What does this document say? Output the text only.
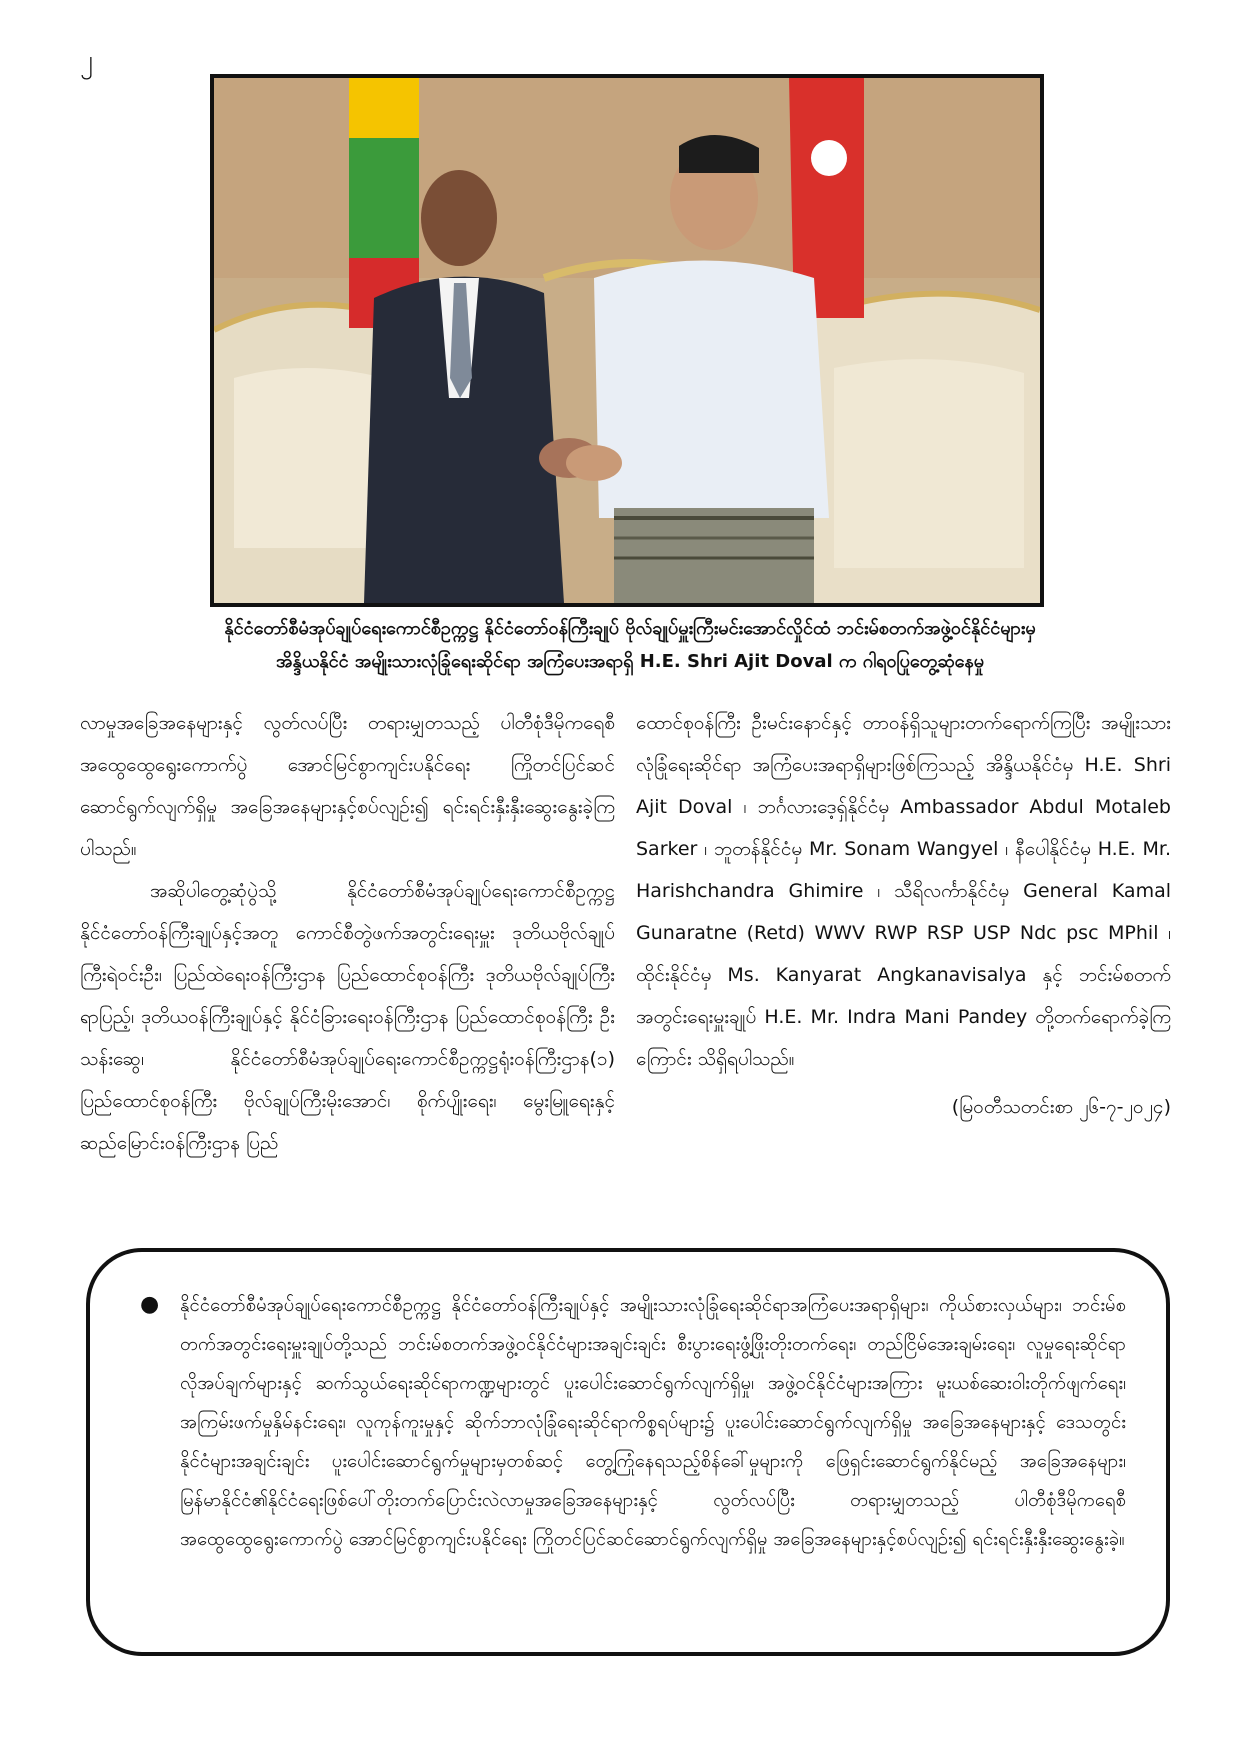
၂
နိုင်ငံတော်စီမံအုပ်ချုပ်ရေးကောင်စီဥက္ကဋ္ဌ နိုင်ငံတော်ဝန်ကြီးချုပ် ဗိုလ်ချုပ်မှူးကြီးမင်းအောင်လှိုင်ထံ ဘင်းမ်စတက်အဖွဲ့ဝင်နိုင်ငံများမှ
အိန္ဒိယနိုင်ငံ အမျိုးသားလုံခြုံရေးဆိုင်ရာ အကြံပေးအရာရှိ H.E. Shri Ajit Doval က ဂါရဝပြုတွေ့ဆုံနေမှု

လာမှုအခြေအနေများနှင့် လွတ်လပ်ပြီး တရားမျှတသည့် ပါတီစုံဒီမိုကရေစီအထွေထွေရွေးကောက်ပွဲ အောင်မြင်စွာကျင်းပနိုင်ရေး ကြိုတင်ပြင်ဆင်ဆောင်ရွက်လျက်ရှိမှု အခြေအနေများနှင့်စပ်လျဉ်း၍ ရင်းရင်းနှီးနှီးဆွေးနွေးခဲ့ကြပါသည်။

အဆိုပါတွေ့ဆုံပွဲသို့ နိုင်ငံတော်စီမံအုပ်ချုပ်ရေးကောင်စီဥက္ကဋ္ဌ နိုင်ငံတော်ဝန်ကြီးချုပ်နှင့်အတူ ကောင်စီတွဲဖက်အတွင်းရေးမှူး ဒုတိယဗိုလ်ချုပ်ကြီးရဲဝင်းဦး၊ ပြည်ထဲရေးဝန်ကြီးဌာန ပြည်ထောင်စုဝန်ကြီး ဒုတိယဗိုလ်ချုပ်ကြီးရာပြည့်၊ ဒုတိယဝန်ကြီးချုပ်နှင့် နိုင်ငံခြားရေးဝန်ကြီးဌာန ပြည်ထောင်စုဝန်ကြီး ဦးသန်းဆွေ၊ နိုင်ငံတော်စီမံအုပ်ချုပ်ရေးကောင်စီဥက္ကဋ္ဌရုံးဝန်ကြီးဌာန(၁) ပြည်ထောင်စုဝန်ကြီး ဗိုလ်ချုပ်ကြီးမိုးအောင်၊ စိုက်ပျိုးရေး၊ မွေးမြူရေးနှင့်ဆည်မြောင်းဝန်ကြီးဌာန ပြည်

ထောင်စုဝန်ကြီး ဦးမင်းနောင်နှင့် တာဝန်ရှိသူများတက်ရောက်ကြပြီး အမျိုးသားလုံခြုံရေးဆိုင်ရာ အကြံပေးအရာရှိများဖြစ်ကြသည့် အိန္ဒိယနိုင်ငံမှ H.E. Shri Ajit Doval ၊ ဘင်္ဂလားဒေ့ရှ်နိုင်ငံမှ Ambassador Abdul Motaleb Sarker ၊ ဘူတန်နိုင်ငံမှ Mr. Sonam Wangyel ၊ နီပေါနိုင်ငံမှ H.E. Mr. Harishchandra Ghimire ၊ သီရိလင်္ကာနိုင်ငံမှ General Kamal Gunaratne (Retd) WWV RWP RSP USP Ndc psc MPhil ၊ ထိုင်းနိုင်ငံမှ Ms. Kanyarat Angkanavisalya နှင့် ဘင်းမ်စတက်အတွင်းရေးမှူးချုပ် H.E. Mr. Indra Mani Pandey တို့တက်ရောက်ခဲ့ကြကြောင်း သိရှိရပါသည်။

(မြဝတီသတင်းစာ ၂၆-၇-၂၀၂၄)

●	နိုင်ငံတော်စီမံအုပ်ချုပ်ရေးကောင်စီဥက္ကဋ္ဌ နိုင်ငံတော်ဝန်ကြီးချုပ်နှင့် အမျိုးသားလုံခြုံရေးဆိုင်ရာအကြံပေးအရာရှိများ၊ ကိုယ်စားလှယ်များ၊ ဘင်းမ်စတက်အတွင်းရေးမှူးချုပ်တို့သည် ဘင်းမ်စတက်အဖွဲ့ဝင်နိုင်ငံများအချင်းချင်း စီးပွားရေးဖွံ့ဖြိုးတိုးတက်ရေး၊ တည်ငြိမ်အေးချမ်းရေး၊ လူမှုရေးဆိုင်ရာလိုအပ်ချက်များနှင့် ဆက်သွယ်ရေးဆိုင်ရာကဏ္ဍများတွင် ပူးပေါင်းဆောင်ရွက်လျက်ရှိမှု၊ အဖွဲ့ဝင်နိုင်ငံများအကြား မူးယစ်ဆေးဝါးတိုက်ဖျက်ရေး၊ အကြမ်းဖက်မှုနှိမ်နင်းရေး၊ လူကုန်ကူးမှုနှင့် ဆိုက်ဘာလုံခြုံရေးဆိုင်ရာကိစ္စရပ်များ၌ ပူးပေါင်းဆောင်ရွက်လျက်ရှိမှု အခြေအနေများနှင့် ဒေသတွင်းနိုင်ငံများအချင်းချင်း ပူးပေါင်းဆောင်ရွက်မှုများမှတစ်ဆင့် တွေ့ကြုံနေရသည့်စိန်ခေါ်မှုများကို ဖြေရှင်းဆောင်ရွက်နိုင်မည့် အခြေအနေများ၊ မြန်မာနိုင်ငံ၏နိုင်ငံရေးဖြစ်ပေါ်တိုးတက်ပြောင်းလဲလာမှုအခြေအနေများနှင့် လွတ်လပ်ပြီး တရားမျှတသည့် ပါတီစုံဒီမိုကရေစီအထွေထွေရွေးကောက်ပွဲ အောင်မြင်စွာကျင်းပနိုင်ရေး ကြိုတင်ပြင်ဆင်ဆောင်ရွက်လျက်ရှိမှု အခြေအနေများနှင့်စပ်လျဉ်း၍ ရင်းရင်းနှီးနှီးဆွေးနွေးခဲ့။
